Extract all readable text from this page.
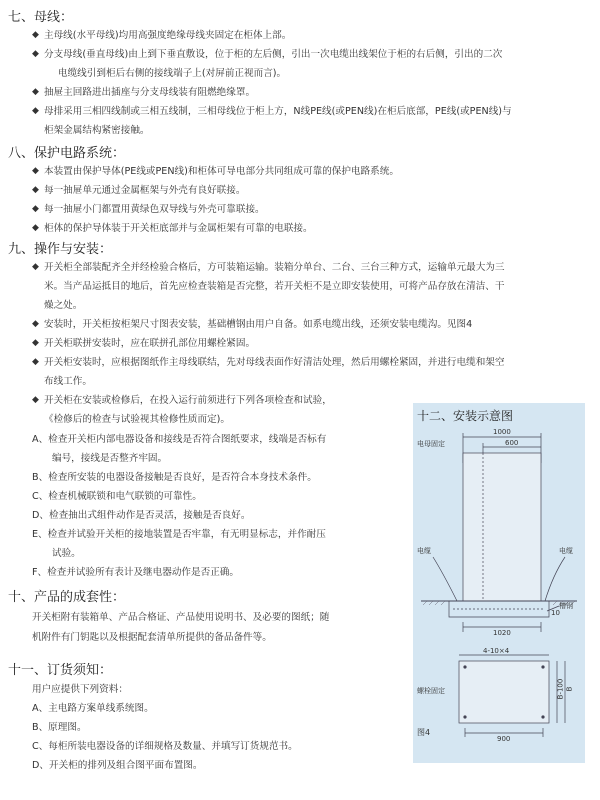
七、母线：
◆ 主母线(水平母线)均用高强度绝缘母线夹固定在柜体上部。
◆ 分支母线(垂直母线)由上到下垂直敷设，位于柜的左后侧，引出一次电缆出线架位于柜的右后侧，引出的二次
电缆线引到柜后右侧的接线端子上(对屏前正视而言)。
◆ 抽屉主回路进出插座与分支母线装有阻燃绝缘罩。
◆ 母排采用三相四线制或三相五线制，三相母线位于柜上方，N线PE线(或PEN线)在柜后底部，PE线(或PEN线)与
柜架金属结构紧密接触。
八、保护电路系统：
◆ 本装置由保护导体(PE线或PEN线)和柜体可导电部分共同组成可靠的保护电路系统。
◆ 每一抽屉单元通过金属框架与外壳有良好联接。
◆ 每一抽屉小门都置用黄绿色双导线与外壳可靠联接。
◆ 柜体的保护导体装于开关柜底部并与金属柜架有可靠的电联接。
九、操作与安装：
◆ 开关柜全部装配齐全并经检验合格后，方可装箱运输。装箱分单台、二台、三台三种方式，运输单元最大为三
米。当产品运抵目的地后，首先应检查装箱是否完整，若开关柜不是立即安装使用，可将产品存放在清洁、干
燥之处。
◆ 安装时，开关柜按柜架尺寸图表安装，基础槽钢由用户自备。如系电缆出线，还须安装电缆沟。见图4
◆ 开关柜联拼安装时，应在联拼孔部位用螺栓紧固。
◆ 开关柜安装时，应根据图纸作主母线联结，先对母线表面作好清洁处理，然后用螺栓紧固，并进行电缆和架空
布线工作。
◆ 开关柜在安装或检修后，在投入运行前须进行下列各项检查和试验，
《检修后的检查与试验视其检修性质而定)。
A、检查开关柜内部电器设备和接线是否符合图纸要求，线端是否标有
编号，接线是否整齐牢固。
B、检查所安装的电器设备接触是否良好，是否符合本身技术条件。
C、检查机械联锁和电气联锁的可靠性。
D、检查抽出式组件动作是否灵活，接触是否良好。
E、检查并试验开关柜的接地装置是否牢靠，有无明显标志，并作耐压
试验。
F、检查并试验所有表计及继电器动作是否正确。
十、产品的成套性：
开关柜附有装箱单、产品合格证、产品使用说明书、及必要的图纸；随
机附件有门钥匙以及根据配套清单所提供的备品备件等。
十一、订货须知：
用户应提供下列资料：
A、主电路方案单线系统图。
B、原理图。
C、每柜所装电器设备的详细规格及数量、并填写订货规范书。
D、开关柜的排列及组合图平面布置图。
十二、安装示意图
电母固定
1000
600
电缆	电缆
槽钢
10
1020
4-10×4
螺栓固定	B-100 B
900
图4
